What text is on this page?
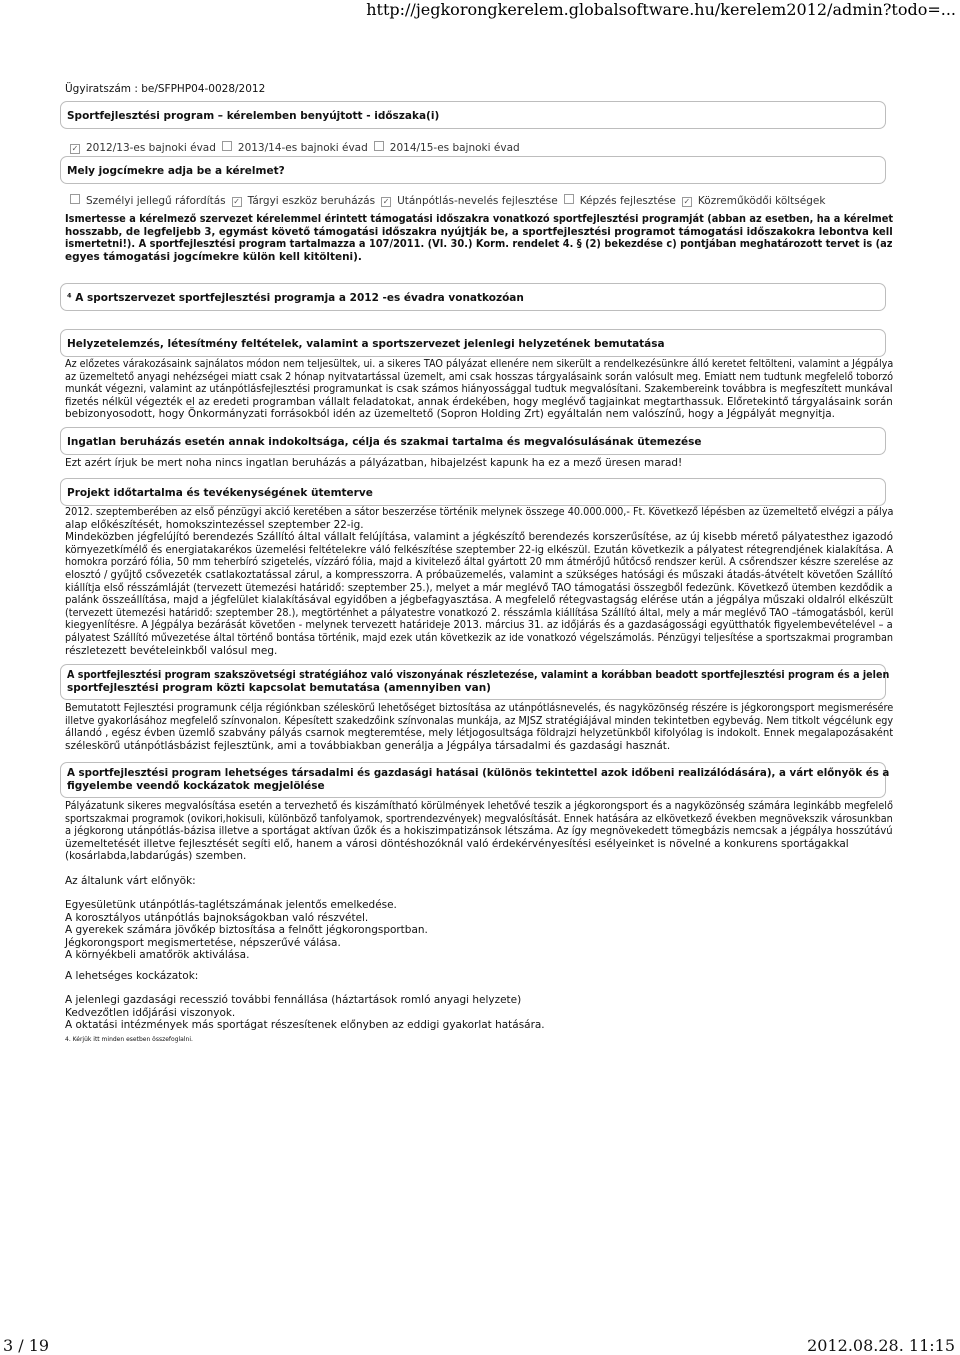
http://jegkorongkerelem.globalsoftware.hu/kerelem2012/admin?todo=...
Ügyiratszám : be/SFPHP04-0028/2012
Sportfejlesztési program – kérelemben benyújtott - időszaka(i)
✓ 2012/13-es bajnoki évad 2013/14-es bajnoki évad 2014/15-es bajnoki évad
Mely jogcímekre adja be a kérelmet?
Személyi jellegű ráfordítás ✓ Tárgyi eszköz beruházás ✓ Utánpótlás-nevelés fejlesztése Képzés fejlesztése ✓ Közreműködői költségek
Ismertesse a kérelmező szervezet kérelemmel érintett támogatási időszakra vonatkozó sportfejlesztési programját (abban az esetben, ha a kérelmet
hosszabb, de legfeljebb 3, egymást követő támogatási időszakra nyújtják be, a sportfejlesztési programot támogatási időszakokra lebontva kell
ismertetni!). A sportfejlesztési program tartalmazza a 107/2011. (VI. 30.) Korm. rendelet 4. § (2) bekezdése c) pontjában meghatározott tervet is (az
egyes támogatási jogcímekre külön kell kitölteni).
⁴ A sportszervezet sportfejlesztési programja a 2012 -es évadra vonatkozóan
Helyzetelemzés, létesítmény feltételek, valamint a sportszervezet jelenlegi helyzetének bemutatása
Az előzetes várakozásaink sajnálatos módon nem teljesültek, ui. a sikeres TAO pályázat ellenére nem sikerült a rendelkezésünkre álló keretet feltölteni, valamint a Jégpálya
az üzemeltető anyagi nehézségei miatt csak 2 hónap nyitvatartással üzemelt, ami csak hosszas tárgyalásaink során valósult meg. Emiatt nem tudtunk megfelelő toborzó
munkát végezni, valamint az utánpótlásfejlesztési programunkat is csak számos hiányossággal tudtuk megvalósítani. Szakembereink továbbra is megfeszített munkával
fizetés nélkül végezték el az eredeti programban vállalt feladatokat, annak érdekében, hogy meglévő tagjainkat megtarthassuk. Előretekintő tárgyalásaink során
bebizonyosodott, hogy Önkormányzati forrásokból idén az üzemeltető (Sopron Holding Zrt) egyáltalán nem valószínű, hogy a Jégpályát megnyitja.
Ingatlan beruházás esetén annak indokoltsága, célja és szakmai tartalma és megvalósulásának ütemezése
Ezt azért írjuk be mert noha nincs ingatlan beruházás a pályázatban, hibajelzést kapunk ha ez a mező üresen marad!
Projekt időtartalma és tevékenységének ütemterve
2012. szeptemberében az első pénzügyi akció keretében a sátor beszerzése történik melynek összege 40.000.000,- Ft. Következő lépésben az üzemeltető elvégzi a pálya
alap előkészítését, homokszintezéssel szeptember 22-ig.
Mindeközben jégfelújító berendezés Szállító által vállalt felújítása, valamint a jégkészítő berendezés korszerűsítése, az új kisebb mérető pályatesthez igazodó
környezetkímélő és energiatakarékos üzemelési feltételekre váló felkészítése szeptember 22-ig elkészül. Ezután következik a pályatest rétegrendjének kialakítása. A
homokra porzáró fólia, 50 mm teherbíró szigetelés, vízzáró fólia, majd a kivitelező által gyártott 20 mm átmérőjű hűtőcső rendszer kerül. A csőrendszer készre szerelése az
elosztó / gyűjtő csővezeték csatlakoztatással zárul, a kompresszorra. A próbaüzemelés, valamint a szükséges hatósági és műszaki átadás-átvételt követően Szállító
kiállítja első résszámláját (tervezett ütemezési határidő: szeptember 25.), melyet a már meglévő TAO támogatási összegből fedezünk. Következő ütemben kezdődik a
palánk összeállítása, majd a jégfelület kialakításával egyidőben a jégbefagyasztása. A megfelelő rétegvastagság elérése után a jégpálya műszaki oldalról elkészült
(tervezett ütemezési határidő: szeptember 28.), megtörténhet a pályatestre vonatkozó 2. résszámla kiállítása Szállító által, mely a már meglévő TAO –támogatásból, kerül
kiegyenlítésre. A Jégpálya bezárását követően - melynek tervezett határideje 2013. március 31. az időjárás és a gazdaságossági együtthatók figyelembevételével – a
pályatest Szállító művezetése által történő bontása történik, majd ezek után következik az ide vonatkozó végelszámolás. Pénzügyi teljesítése a sportszakmai programban
részletezett bevételeinkből valósul meg.
A sportfejlesztési program szakszövetségi stratégiához való viszonyának részletezése, valamint a korábban beadott sportfejlesztési program és a jelen
sportfejlesztési program közti kapcsolat bemutatása (amennyiben van)
Bemutatott Fejlesztési programunk célja régiónkban széleskörű lehetőséget biztosítása az utánpótlásnevelés, és nagyközönség részére is jégkorongsport megismerésére
illetve gyakorlásához megfelelő színvonalon. Képesített szakedzőink színvonalas munkája, az MJSZ stratégiájával minden tekintetben egybevág. Nem titkolt végcélunk egy
állandó , egész évben üzemlő szabvány pályás csarnok megteremtése, mely létjogosultsága földrajzi helyzetünkből kifolyólag is indokolt. Ennek megalapozásaként
széleskörű utánpótlásbázist fejlesztünk, ami a továbbiakban generálja a Jégpálya társadalmi és gazdasági hasznát.
A sportfejlesztési program lehetséges társadalmi és gazdasági hatásai (különös tekintettel azok időbeni realizálódására), a várt előnyök és a
figyelembe veendő kockázatok megjelölése
Pályázatunk sikeres megvalósítása esetén a tervezhető és kiszámítható körülmények lehetővé teszik a jégkorongsport és a nagyközönség számára leginkább megfelelő
sportszakmai programok (ovikori,hokisuli, különböző tanfolyamok, sportrendezvények) megvalósítását. Ennek hatására az elkövetkező években megnövekszik városunkban
a jégkorong utánpótlás-bázisa illetve a sportágat aktívan űzők és a hokiszimpatizánsok létszáma. Az így megnövekedett tömegbázis nemcsak a jégpálya hosszútávú
üzemeltetését illetve fejlesztését segíti elő, hanem a városi döntéshozóknál való érdekérvényesítési esélyeinket is növelné a konkurens sportágakkal
(kosárlabda,labdarúgás) szemben.
Az általunk várt előnyök:
Egyesületünk utánpótlás-taglétszámának jelentős emelkedése.
A korosztályos utánpótlás bajnokságokban való részvétel.
A gyerekek számára jövőkép biztosítása a felnőtt jégkorongsportban.
Jégkorongsport megismertetése, népszerűvé válása.
A környékbeli amatőrök aktiválása.
A lehetséges kockázatok:
A jelenlegi gazdasági recesszió további fennállása (háztartások romló anyagi helyzete)
Kedvezőtlen időjárási viszonyok.
A oktatási intézmények más sportágat részesítenek előnyben az eddigi gyakorlat hatására.
4. Kérjük itt minden esetben összefoglalni.
3 / 19	2012.08.28. 11:15
